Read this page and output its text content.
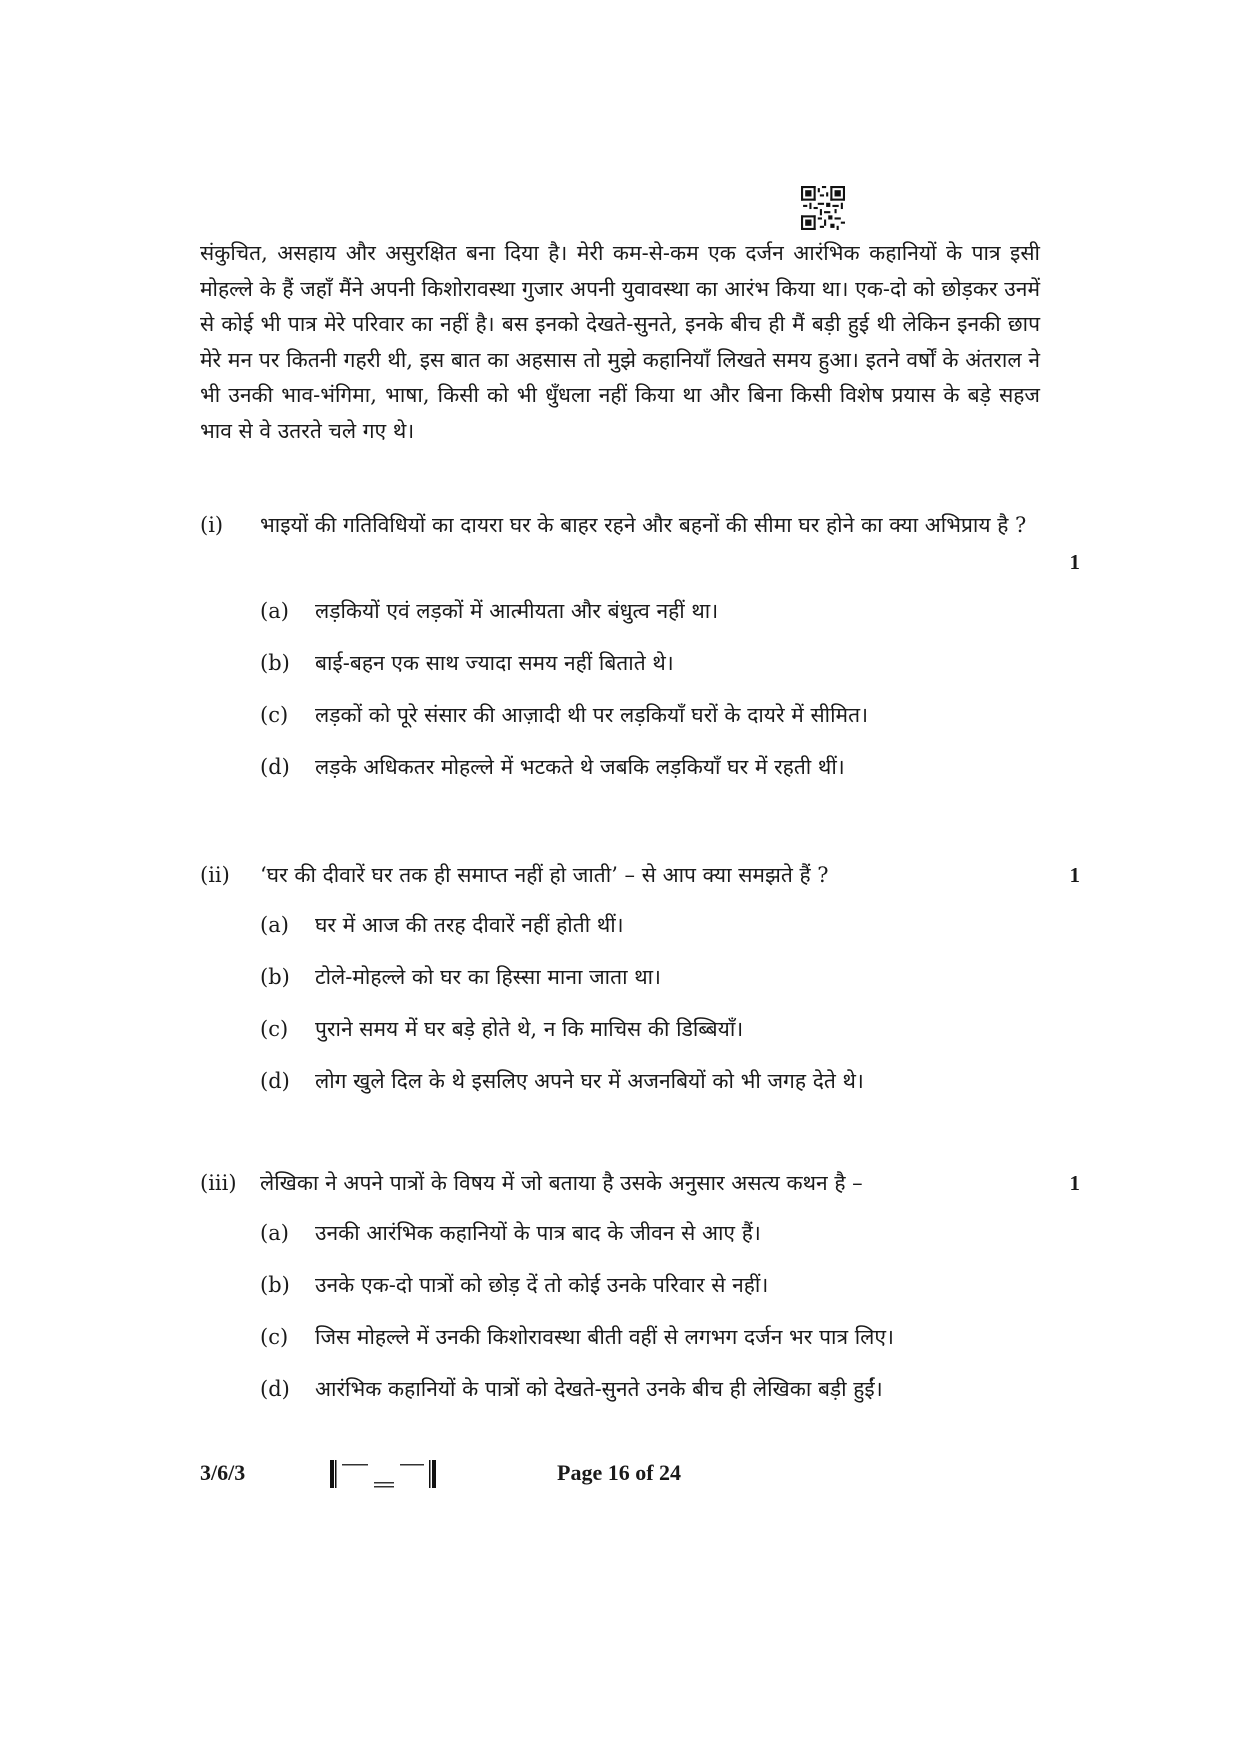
संकुचित, असहाय और असुरक्षित बना दिया है। मेरी कम-से-कम एक दर्जन आरंभिक कहानियों के पात्र इसी मोहल्ले के हैं जहाँ मैंने अपनी किशोरावस्था गुजार अपनी युवावस्था का आरंभ किया था। एक-दो को छोड़कर उनमें से कोई भी पात्र मेरे परिवार का नहीं है। बस इनको देखते-सुनते, इनके बीच ही मैं बड़ी हुई थी लेकिन इनकी छाप मेरे मन पर कितनी गहरी थी, इस बात का अहसास तो मुझे कहानियाँ लिखते समय हुआ। इतने वर्षों के अंतराल ने भी उनकी भाव-भंगिमा, भाषा, किसी को भी धुँधला नहीं किया था और बिना किसी विशेष प्रयास के बड़े सहज भाव से वे उतरते चले गए थे।

(i)	भाइयों की गतिविधियों का दायरा घर के बाहर रहने और बहनों की सीमा घर होने का क्या अभिप्राय है ?
1
(a)	लड़कियों एवं लड़कों में आत्मीयता और बंधुत्व नहीं था।
(b)	बाई-बहन एक साथ ज्यादा समय नहीं बिताते थे।
(c)	लड़कों को पूरे संसार की आज़ादी थी पर लड़कियाँ घरों के दायरे में सीमित।
(d)	लड़के अधिकतर मोहल्ले में भटकते थे जबकि लड़कियाँ घर में रहती थीं।
(ii)	‘घर की दीवारें घर तक ही समाप्त नहीं हो जाती’ – से आप क्या समझते हैं ?	1
(a)	घर में आज की तरह दीवारें नहीं होती थीं।
(b)	टोले-मोहल्ले को घर का हिस्सा माना जाता था।
(c)	पुराने समय में घर बड़े होते थे, न कि माचिस की डिब्बियाँ।
(d)	लोग खुले दिल के थे इसलिए अपने घर में अजनबियों को भी जगह देते थे।
(iii)	लेखिका ने अपने पात्रों के विषय में जो बताया है उसके अनुसार असत्य कथन है –	1
(a)	उनकी आरंभिक कहानियों के पात्र बाद के जीवन से आए हैं।
(b)	उनके एक-दो पात्रों को छोड़ दें तो कोई उनके परिवार से नहीं।
(c)	जिस मोहल्ले में उनकी किशोरावस्था बीती वहीं से लगभग दर्जन भर पात्र लिए।
(d)	आरंभिक कहानियों के पात्रों को देखते-सुनते उनके बीच ही लेखिका बड़ी हुईं।
3/6/3	Page 16 of 24
